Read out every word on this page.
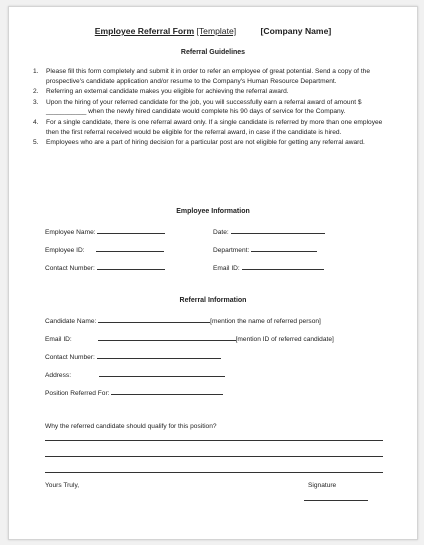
Employee Referral Form [Template]	[Company Name]
Referral Guidelines
1. Please fill this form completely and submit it in order to refer an employee of great potential. Send a copy of the prospective's candidate application and/or resume to the Company's Human Resource Department.
2. Referring an external candidate makes you eligible for achieving the referral award.
3. Upon the hiring of your referred candidate for the job, you will successfully earn a referral award of amount $ ___________ when the newly hired candidate would complete his 90 days of service for the Company.
4. For a single candidate, there is one referral award only. If a single candidate is referred by more than one employee then the first referral received would be eligible for the referral award, in case if the candidate is hired.
5. Employees who are a part of hiring decision for a particular post are not eligible for getting any referral award.
Employee Information
Employee Name:	Date:
Employee ID:	Department:
Contact Number:	Email ID:
Referral Information
Candidate Name:	[mention the name of referred person]
Email ID:	[mention ID of referred candidate]
Contact Number:
Address:
Position Referred For:
Why the referred candidate should qualify for this position?
Yours Truly,	Signature
